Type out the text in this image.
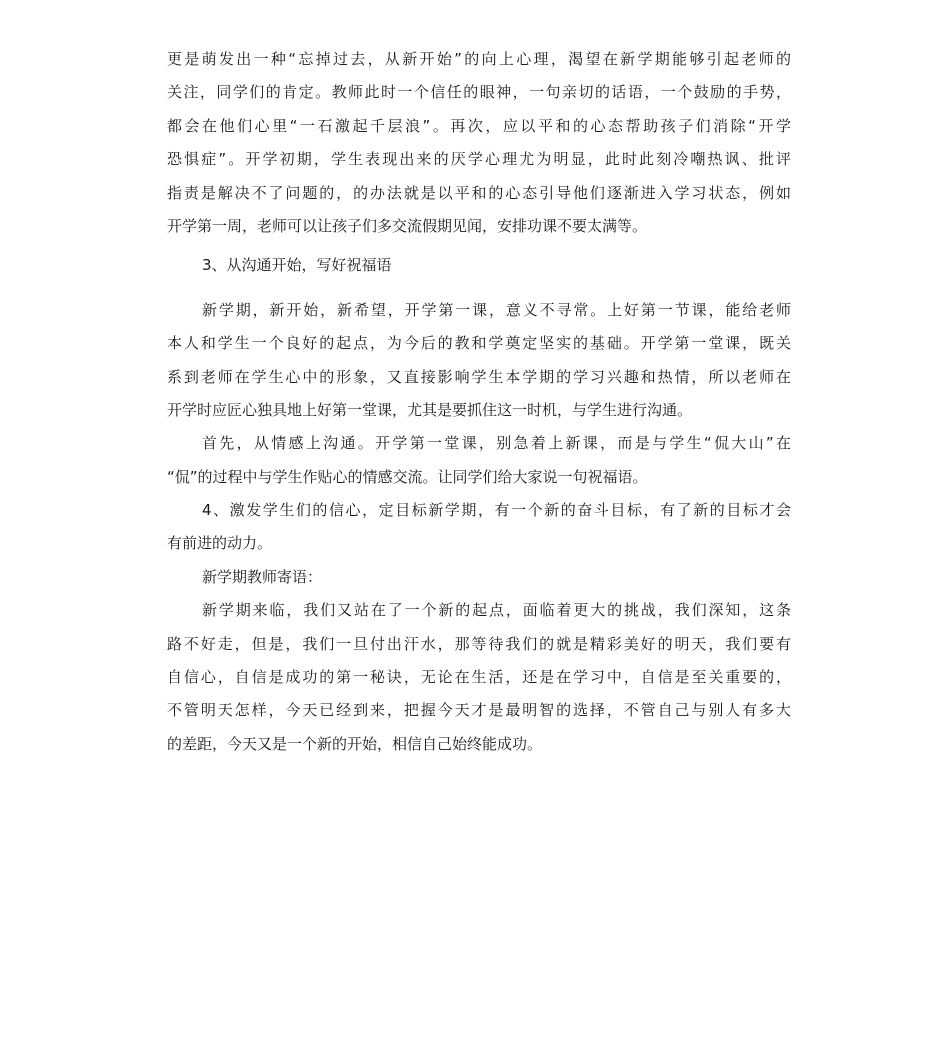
更是萌发出一种“忘掉过去，从新开始”的向上心理，渴望在新学期能够引起老师的
关注，同学们的肯定。教师此时一个信任的眼神，一句亲切的话语，一个鼓励的手势，
都会在他们心里“一石激起千层浪”。再次，应以平和的心态帮助孩子们消除“开学
恐惧症”。开学初期，学生表现出来的厌学心理尤为明显，此时此刻冷嘲热讽、批评
指责是解决不了问题的，的办法就是以平和的心态引导他们逐渐进入学习状态，例如
开学第一周，老师可以让孩子们多交流假期见闻，安排功课不要太满等。
3、从沟通开始，写好祝福语
新学期，新开始，新希望，开学第一课，意义不寻常。上好第一节课，能给老师
本人和学生一个良好的起点，为今后的教和学奠定坚实的基础。开学第一堂课，既关
系到老师在学生心中的形象，又直接影响学生本学期的学习兴趣和热情，所以老师在
开学时应匠心独具地上好第一堂课，尤其是要抓住这一时机，与学生进行沟通。
首先，从情感上沟通。开学第一堂课，别急着上新课，而是与学生“侃大山”在
“侃”的过程中与学生作贴心的情感交流。让同学们给大家说一句祝福语。
4、激发学生们的信心，定目标新学期，有一个新的奋斗目标，有了新的目标才会
有前进的动力。
新学期教师寄语：
新学期来临，我们又站在了一个新的起点，面临着更大的挑战，我们深知，这条
路不好走，但是，我们一旦付出汗水，那等待我们的就是精彩美好的明天，我们要有
自信心，自信是成功的第一秘诀，无论在生活，还是在学习中，自信是至关重要的，
不管明天怎样，今天已经到来，把握今天才是最明智的选择，不管自己与别人有多大
的差距，今天又是一个新的开始，相信自己始终能成功。
